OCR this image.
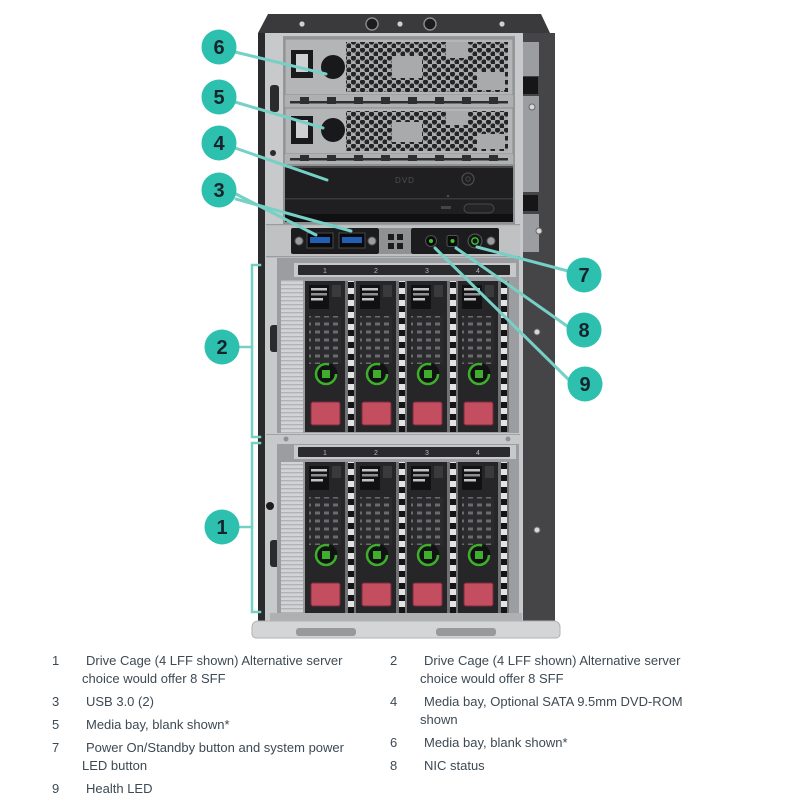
DVD
1	2	3	4
1	2	3	4
6
5
4
3
2
1
7
8
9
1	Drive Cage (4 LFF shown) Alternative server choice would offer 8 SFF
3	USB 3.0 (2)
5	Media bay, blank shown*
7	Power On/Standby button and system power LED button
9	Health LED
2	Drive Cage (4 LFF shown) Alternative server choice would offer 8 SFF
4	Media bay, Optional SATA 9.5mm DVD-ROM shown
6	Media bay, blank shown*
8	NIC status
